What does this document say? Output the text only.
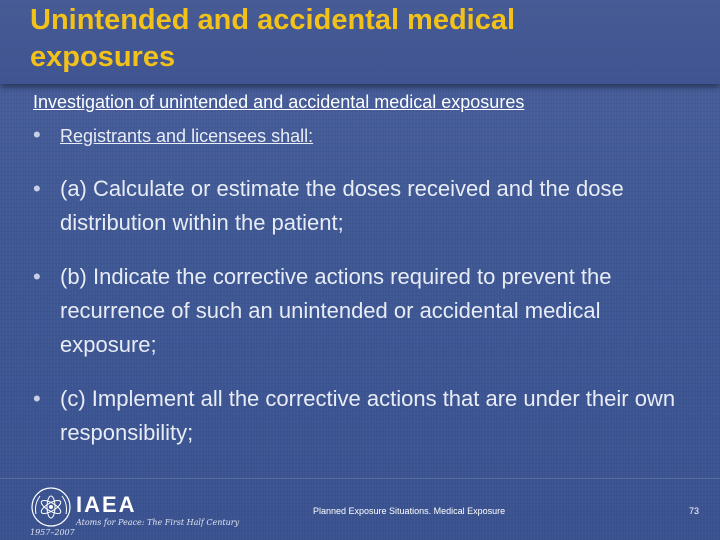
Unintended and accidental medical exposures
Investigation of unintended and accidental medical exposures
• Registrants and licensees shall:
• (a) Calculate or estimate the doses received and the dose distribution within the patient;
• (b) Indicate the corrective actions required to prevent the recurrence of such an unintended or accidental medical exposure;
• (c) Implement all the corrective actions that are under their own responsibility;
IAEA
Atoms for Peace: The First Half Century
1957–2007
Planned Exposure Situations. Medical Exposure	73
